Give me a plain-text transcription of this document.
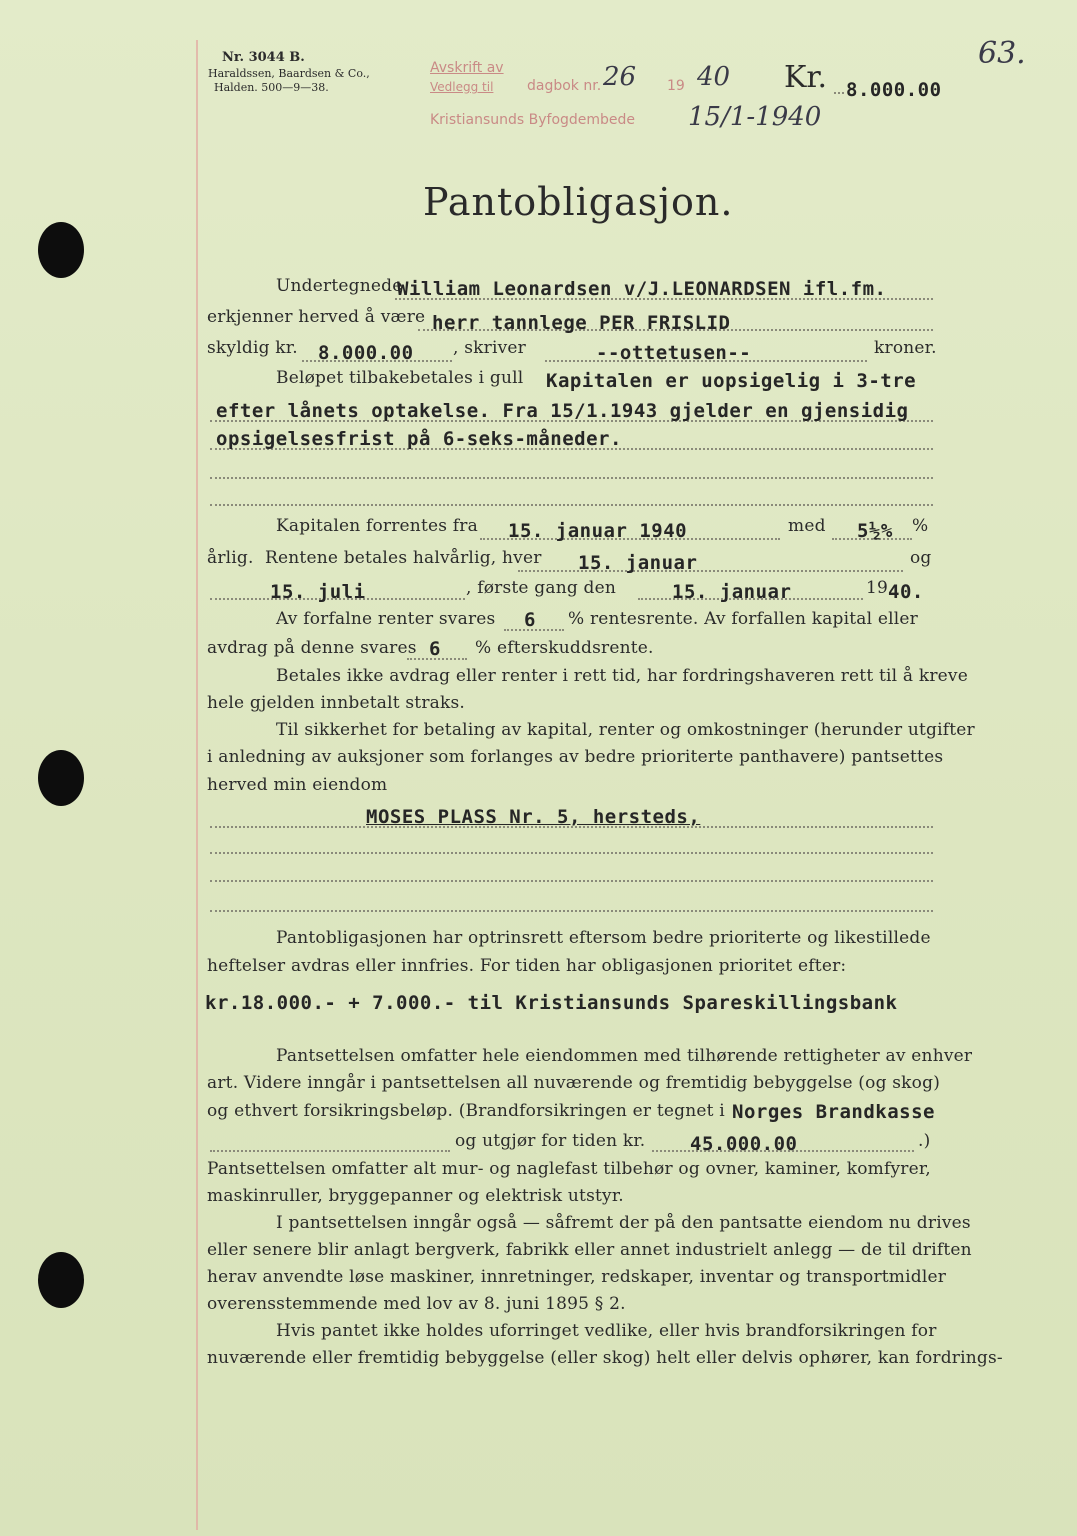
Nr. 3044 B.
Haraldssen, Baardsen & Co.,
Halden. 500—9—38.
Avskrift av
Vedlegg til dagbok nr. 26 19 40
Kristiansunds Byfogdembede 15/1-1940
Kr. 8.000.00
63.
Pantobligasjon.
Undertegnede
William Leonardsen v/J.LEONARDSEN ifl.fm.
erkjenner herved å være herr tannlege PER FRISLID
skyldig kr. 8.000.00 , skriver	--ottetusen--	kroner.
Beløpet tilbakebetales i gull Kapitalen er uopsigelig i 3-tre
efter lånets optakelse. Fra 15/1.1943 gjelder en gjensidig
opsigelsesfrist på 6-seks-måneder.
Kapitalen forrentes fra 15. januar 1940	med 5½% %
årlig. Rentene betales halvårlig, hver 15. januar	og
15. juli	, første gang den	15. januar	19 40.
Av forfalne renter svares 6 % rentesrente. Av forfallen kapital eller
avdrag på denne svares 6 % efterskuddsrente.
Betales ikke avdrag eller renter i rett tid, har fordringshaveren rett til å kreve
hele gjelden innbetalt straks.
Til sikkerhet for betaling av kapital, renter og omkostninger (herunder utgifter
i anledning av auksjoner som forlanges av bedre prioriterte panthavere) pantsettes
herved min eiendom
MOSES PLASS Nr. 5, hersteds,
Pantobligasjonen har optrinsrett eftersom bedre prioriterte og likestillede
heftelser avdras eller innfries. For tiden har obligasjonen prioritet efter:
kr.18.000.- + 7.000.- til Kristiansunds Spareskillingsbank
Pantsettelsen omfatter hele eiendommen med tilhørende rettigheter av enhver
art. Videre inngår i pantsettelsen all nuværende og fremtidig bebyggelse (og skog)
og ethvert forsikringsbeløp. (Brandforsikringen er tegnet i Norges Brandkasse
og utgjør for tiden kr. 45.000.00	.)
Pantsettelsen omfatter alt mur- og naglefast tilbehør og ovner, kaminer, komfyrer,
maskinruller, bryggepanner og elektrisk utstyr.
I pantsettelsen inngår også — såfremt der på den pantsatte eiendom nu drives
eller senere blir anlagt bergverk, fabrikk eller annet industrielt anlegg — de til driften
herav anvendte løse maskiner, innretninger, redskaper, inventar og transportmidler
overensstemmende med lov av 8. juni 1895 § 2.
Hvis pantet ikke holdes uforringet vedlike, eller hvis brandforsikringen for
nuværende eller fremtidig bebyggelse (eller skog) helt eller delvis ophører, kan fordrings-
